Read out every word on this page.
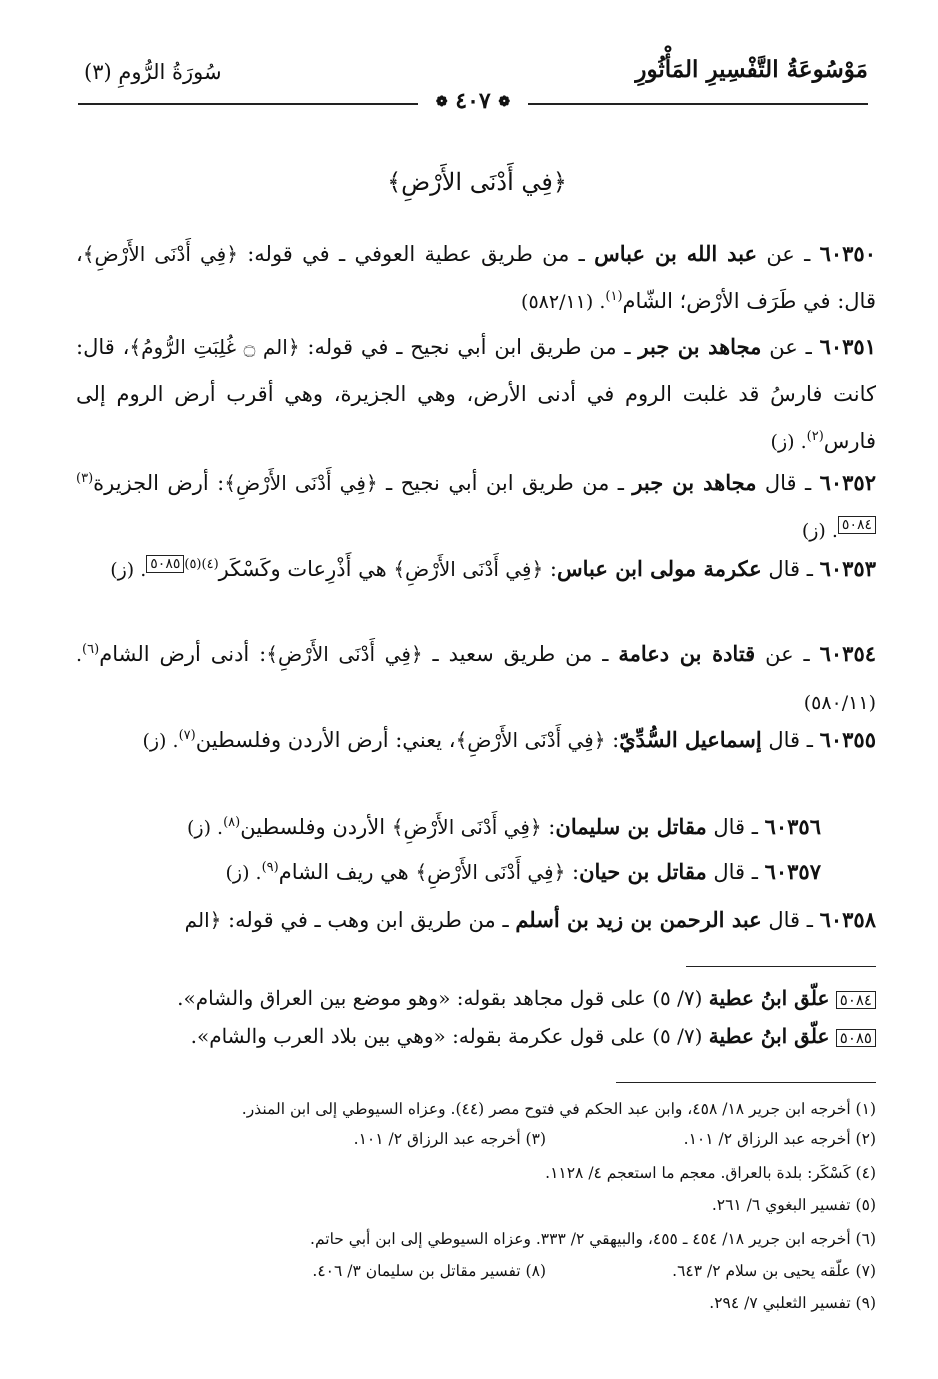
سُورَةُ الرُّومِ (٣)	مَوْسُوعَةُ التَّفْسِيرِ المَأْثُورِ
❁ ٤٠٧ ❁
﴿فِي أَدْنَى الأَرْضِ﴾
٦٠٣٥٠ ـ عن عبد الله بن عباس ـ من طريق عطية العوفي ـ في قوله: ﴿فِي أَدْنَى الأَرْضِ﴾، قال: في طَرَف الأرْض؛ الشّام$^{(١)}$. (٥٨٢/١١)
٦٠٣٥١ ـ عن مجاهد بن جبر ـ من طريق ابن أبي نجيح ـ في قوله: ﴿الم ۝ غُلِبَتِ الرُّومُ﴾، قال: كانت فارسُ قد غلبت الروم في أدنى الأرض، وهي الجزيرة، وهي أقرب أرض الروم إلى فارس$^{(٢)}$. (ز)
٦٠٣٥٢ ـ قال مجاهد بن جبر ـ من طريق ابن أبي نجيح ـ ﴿فِي أَدْنَى الأَرْضِ﴾: أرض الجزيرة$^{(٣)}$٥٠٨٤. (ز)
٦٠٣٥٣ ـ قال عكرمة مولى ابن عباس: ﴿فِي أَدْنَى الأَرْضِ﴾ هي أَذْرِعات وكَسْكَر$^{(٤)(٥)}$٥٠٨٥. (ز)
٦٠٣٥٤ ـ عن قتادة بن دعامة ـ من طريق سعيد ـ ﴿فِي أَدْنَى الأَرْضِ﴾: أدنى أرض الشام$^{(٦)}$. (٥٨٠/١١)
٦٠٣٥٥ ـ قال إسماعيل السُّدِّيّ: ﴿فِي أَدْنَى الأَرْضِ﴾، يعني: أرض الأردن وفلسطين$^{(٧)}$. (ز)
٦٠٣٥٦ ـ قال مقاتل بن سليمان: ﴿فِي أَدْنَى الأَرْضِ﴾ الأردن وفلسطين$^{(٨)}$. (ز)
٦٠٣٥٧ ـ قال مقاتل بن حيان: ﴿فِي أَدْنَى الأَرْضِ﴾ هي ريف الشام$^{(٩)}$. (ز)
٦٠٣٥٨ ـ قال عبد الرحمن بن زيد بن أسلم ـ من طريق ابن وهب ـ في قوله: ﴿الم
٥٠٨٤ علّق ابنُ عطية (٧/ ٥) على قول مجاهد بقوله: «وهو موضع بين العراق والشام».
٥٠٨٥ علّق ابنُ عطية (٧/ ٥) على قول عكرمة بقوله: «وهي بين بلاد العرب والشام».
(١) أخرجه ابن جرير ١٨/ ٤٥٨، وابن عبد الحكم في فتوح مصر (٤٤). وعزاه السيوطي إلى ابن المنذر.
(٢) أخرجه عبد الرزاق ٢/ ١٠١.(٣) أخرجه عبد الرزاق ٢/ ١٠١.
(٤) كَسْكَر: بلدة بالعراق. معجم ما استعجم ٤/ ١١٢٨.
(٥) تفسير البغوي ٦/ ٢٦١.
(٦) أخرجه ابن جرير ١٨/ ٤٥٤ ـ ٤٥٥، والبيهقي ٢/ ٣٣٣. وعزاه السيوطي إلى ابن أبي حاتم.
(٧) علّقه يحيى بن سلام ٢/ ٦٤٣.(٨) تفسير مقاتل بن سليمان ٣/ ٤٠٦.
(٩) تفسير الثعلبي ٧/ ٢٩٤.
